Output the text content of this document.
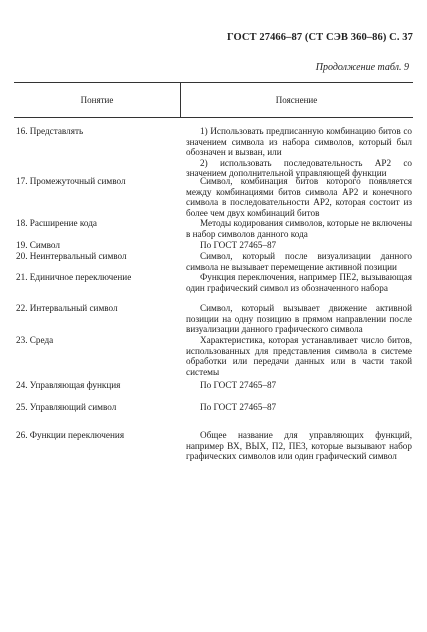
ГОСТ 27466–87 (СТ СЭВ 360–86) С. 37
Продолжение табл. 9
Понятие	Пояснение
16. Представлять	1) Использовать предписанную комбинацию битов со значением символа из набора символов, который был обозначен и вызван, или

2) использовать последовательность АР2 со значением дополнительной управляющей функции

17. Промежуточный символ	Символ, комбинация битов которого появляется между комбинациями битов символа АР2 и конечного символа в последовательности АР2, которая состоит из более чем двух комбинаций битов

18. Расширение кода	Методы кодирования символов, которые не включены в набор символов данного кода

19. Символ	По ГОСТ 27465–87

20. Неинтервальный символ	Символ, который после визуализации данного символа не вызывает перемещение активной позиции

21. Единичное переключение	Функция переключения, например ПЕ2, вызывающая один графический символ из обозначенного набора

22. Интервальный символ	Символ, который вызывает движение активной позиции на одну позицию в прямом направлении после визуализации данного графического символа

23. Среда	Характеристика, которая устанавливает число битов, использованных для представления символа в системе обработки или передачи данных или в части такой системы

24. Управляющая функция	По ГОСТ 27465–87

25. Управляющий символ	По ГОСТ 27465–87

26. Функции переключения	Общее название для управляющих функций, например ВХ, ВЫХ, П2, ПЕ3, которые вызывают набор графических символов или один графический символ
